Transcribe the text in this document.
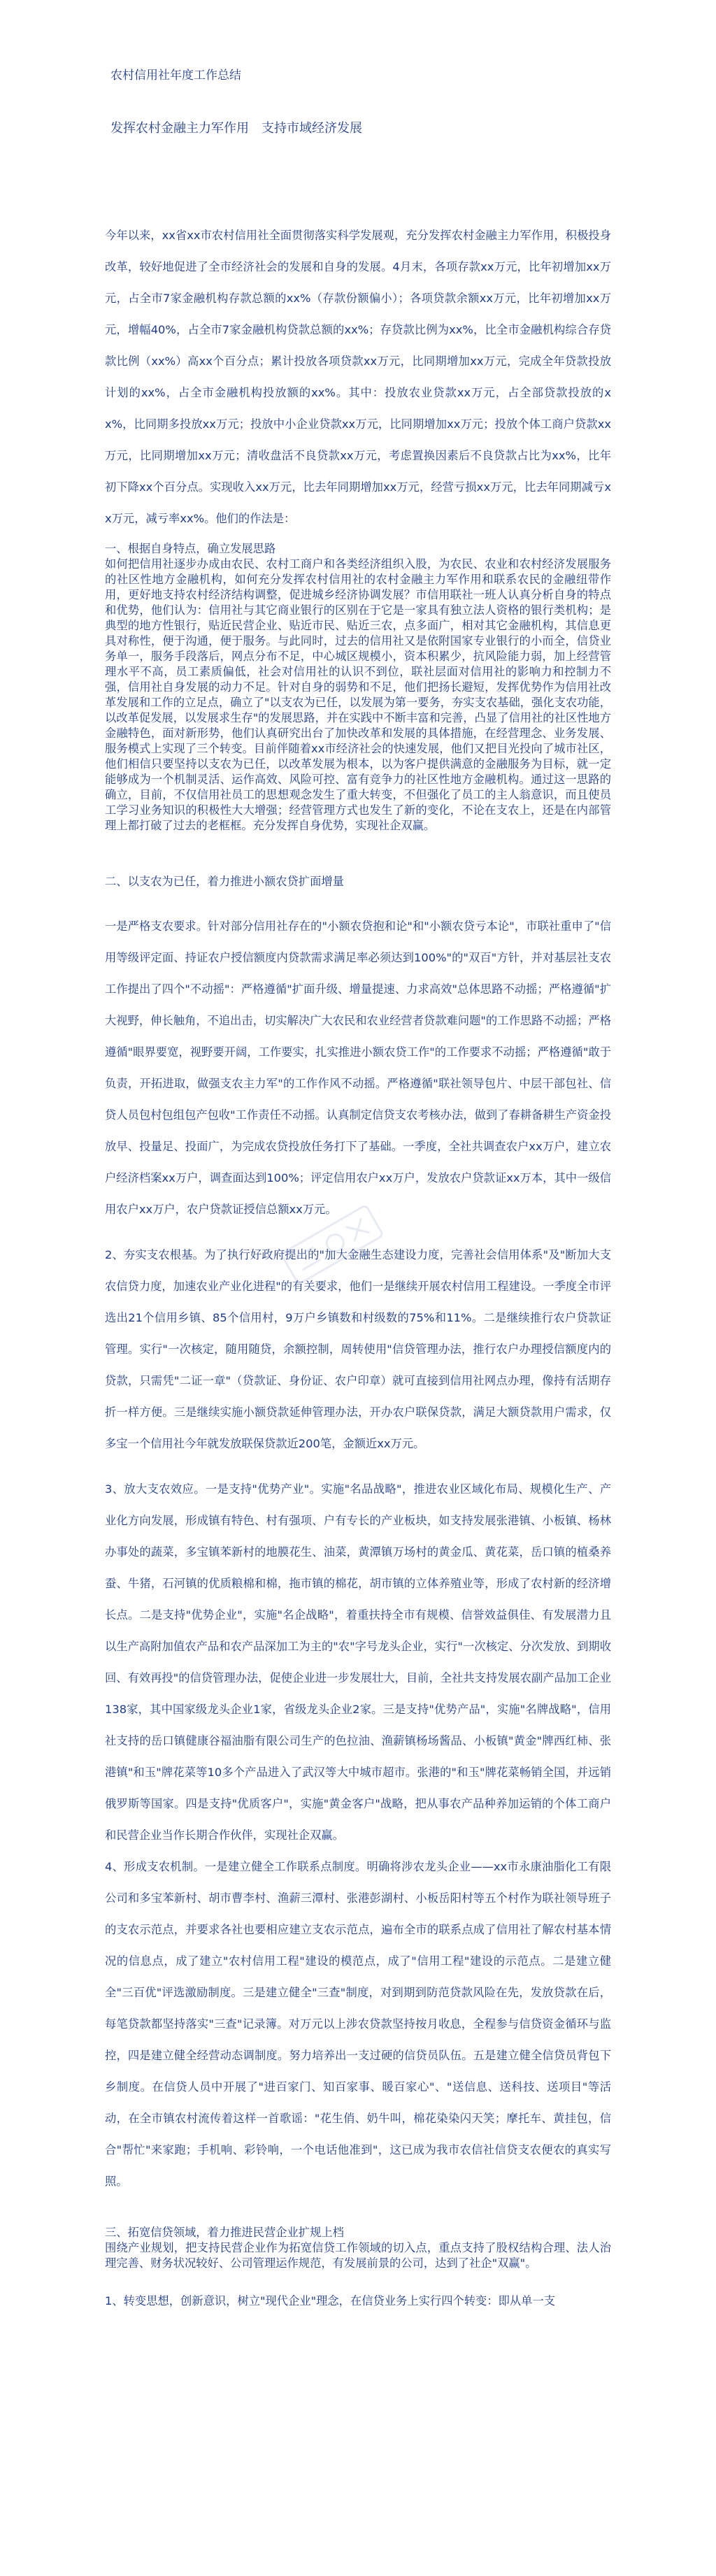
农村信用社年度工作总结
发挥农村金融主力军作用　支持市域经济发展

今年以来，xx省xx市农村信用社全面贯彻落实科学发展观，充分发挥农村金融主力军作用，积极投身改革，较好地促进了全市经济社会的发展和自身的发展。4月末，各项存款xx万元，比年初增加xx万元，占全市7家金融机构存款总额的xx%（存款份额偏小）；各项贷款余额xx万元，比年初增加xx万元，增幅40%，占全市7家金融机构贷款总额的xx%；存贷款比例为xx%，比全市金融机构综合存贷款比例（xx%）高xx个百分点；累计投放各项贷款xx万元，比同期增加xx万元，完成全年贷款投放计划的xx%，占全市金融机构投放额的xx%。其中：投放农业贷款xx万元，占全部贷款投放的xx%，比同期多投放xx万元；投放中小企业贷款xx万元，比同期增加xx万元；投放个体工商户贷款xx万元，比同期增加xx万元；清收盘活不良贷款xx万元，考虑置换因素后不良贷款占比为xx%，比年初下降xx个百分点。实现收入xx万元，比去年同期增加xx万元，经营亏损xx万元，比去年同期减亏xx万元，减亏率xx%。他们的作法是：

一、根据自身特点，确立发展思路

如何把信用社逐步办成由农民、农村工商户和各类经济组织入股，为农民、农业和农村经济发展服务的社区性地方金融机构，如何充分发挥农村信用社的农村金融主力军作用和联系农民的金融纽带作用，更好地支持农村经济结构调整，促进城乡经济协调发展？市信用联社一班人认真分析自身的特点和优势，他们认为：信用社与其它商业银行的区别在于它是一家具有独立法人资格的银行类机构；是典型的地方性银行，贴近民营企业、贴近市民、贴近三农，点多面广，相对其它金融机构，其信息更具对称性，便于沟通，便于服务。与此同时，过去的信用社又是依附国家专业银行的小而全，信贷业务单一，服务手段落后，网点分布不足，中心城区规模小，资本积累少，抗风险能力弱，加上经营管理水平不高，员工素质偏低，社会对信用社的认识不到位，联社层面对信用社的影响力和控制力不强，信用社自身发展的动力不足。针对自身的弱势和不足，他们把扬长避短，发挥优势作为信用社改革发展和工作的立足点，确立了"以支农为已任，以发展为第一要务，夯实支农基础，强化支农功能，以改革促发展，以发展求生存"的发展思路，并在实践中不断丰富和完善，凸显了信用社的社区性地方金融特色，面对新形势，他们认真研究出台了加快改革和发展的具体措施，在经营理念、业务发展、服务模式上实现了三个转变。目前伴随着xx市经济社会的快速发展，他们又把目光投向了城市社区，他们相信只要坚持以支农为已任，以改革发展为根本，以为客户提供满意的金融服务为目标，就一定能够成为一个机制灵活、运作高效、风险可控、富有竞争力的社区性地方金融机构。通过这一思路的确立，目前，不仅信用社员工的思想观念发生了重大转变，不但强化了员工的主人翁意识，而且使员工学习业务知识的积极性大大增强；经营管理方式也发生了新的变化，不论在支农上，还是在内部管理上都打破了过去的老框框。充分发挥自身优势，实现社企双赢。

二、以支农为已任，着力推进小额农贷扩面增量

一是严格支农要求。针对部分信用社存在的"小额农贷抱和论"和"小额农贷亏本论"，市联社重申了"信用等级评定面、持证农户授信额度内贷款需求满足率必须达到100%"的"双百"方针，并对基层社支农工作提出了四个"不动摇"：严格遵循"扩面升级、增量提速、力求高效"总体思路不动摇；严格遵循"扩大视野，伸长触角，不追出击，切实解决广大农民和农业经营者贷款难问题"的工作思路不动摇；严格遵循"眼界要宽，视野要开阔，工作要实，扎实推进小额农贷工作"的工作要求不动摇；严格遵循"敢于负责，开拓进取，做强支农主力军"的工作作风不动摇。严格遵循"联社领导包片、中层干部包社、信贷人员包村包组包产包收"工作责任不动摇。认真制定信贷支农考核办法，做到了春耕备耕生产资金投放早、投量足、投面广，为完成农贷投放任务打下了基础。一季度，全社共调查农户xx万户，建立农户经济档案xx万户，调查面达到100%；评定信用农户xx万户，发放农户贷款证xx万本，其中一级信用农户xx万户，农户贷款证授信总额xx万元。

2、夯实支农根基。为了执行好政府提出的"加大金融生态建设力度，完善社会信用体系"及"断加大支农信贷力度，加速农业产业化进程"的有关要求，他们一是继续开展农村信用工程建设。一季度全市评选出21个信用乡镇、85个信用村，9万户乡镇数和村级数的75%和11%。二是继续推行农户贷款证管理。实行"一次核定，随用随贷，余额控制，周转使用"信贷管理办法，推行农户办理授信额度内的贷款，只需凭"二证一章"（贷款证、身份证、农户印章）就可直接到信用社网点办理，像持有活期存折一样方便。三是继续实施小额贷款延伸管理办法，开办农户联保贷款，满足大额贷款用户需求，仅多宝一个信用社今年就发放联保贷款近200笔，金额近xx万元。

3、放大支农效应。一是支持"优势产业"。实施"名品战略"，推进农业区域化布局、规模化生产、产业化方向发展，形成镇有特色、村有强项、户有专长的产业板块，如支持发展张港镇、小板镇、杨林办事处的蔬菜，多宝镇苯新村的地膜花生、油菜，黄潭镇万场村的黄金瓜、黄花菜，岳口镇的植桑养蚕、牛猪，石河镇的优质粮棉和棉，拖市镇的棉花，胡市镇的立体养殖业等，形成了农村新的经济增长点。二是支持"优势企业"，实施"名企战略"，着重扶持全市有规模、信誉效益俱佳、有发展潜力且以生产高附加值农产品和农产品深加工为主的"农"字号龙头企业，实行"一次核定、分次发放、到期收回、有效再投"的信贷管理办法，促使企业进一步发展壮大，目前，全社共支持发展农副产品加工企业138家，其中国家级龙头企业1家，省级龙头企业2家。三是支持"优势产品"，实施"名牌战略"，信用社支持的岳口镇健康谷福油脂有限公司生产的色拉油、渔薪镇杨场酱品、小板镇"黄金"牌西红柿、张港镇"和玉"牌花菜等10多个产品进入了武汉等大中城市超市。张港的"和玉"牌花菜畅销全国，并远销俄罗斯等国家。四是支持"优质客户"，实施"黄金客户"战略，把从事农产品种养加运销的个体工商户和民营企业当作长期合作伙伴，实现社企双赢。

4、形成支农机制。一是建立健全工作联系点制度。明确将涉农龙头企业——xx市永康油脂化工有限公司和多宝苯新村、胡市曹李村、渔薪三潭村、张港彭湖村、小板岳阳村等五个村作为联社领导班子的支农示范点，并要求各社也要相应建立支农示范点，遍布全市的联系点成了信用社了解农村基本情况的信息点，成了建立"农村信用工程"建设的模范点，成了"信用工程"建设的示范点。二是建立健全"三百优"评选激励制度。三是建立健全"三查"制度，对到期到防范贷款风险在先，发放贷款在后，每笔贷款都坚持落实"三查"记录簿。对万元以上涉农贷款坚持按月收息，全程参与信贷资金循环与监控，四是建立健全经营动态调制度。努力培养出一支过硬的信贷员队伍。五是建立健全信贷员背包下乡制度。在信贷人员中开展了"进百家门、知百家事、暖百家心"、"送信息、送科技、送项目"等活动，在全市镇农村流传着这样一首歌谣："花生俏、奶牛叫，棉花染染闪天笑；摩托车、黄挂包，信合"帮忙"来家跑；手机响、彩铃响，一个电话他准到"，这已成为我市农信社信贷支农便农的真实写照。

三、拓宽信贷领域，着力推进民营企业扩规上档

围绕产业规划，把支持民营企业作为拓宽信贷工作领域的切入点，重点支持了股权结构合理、法人治理完善、财务状况较好、公司管理运作规范，有发展前景的公司，达到了社企"双赢"。

1、转变思想，创新意识，树立"现代企业"理念，在信贷业务上实行四个转变：即从单一支
